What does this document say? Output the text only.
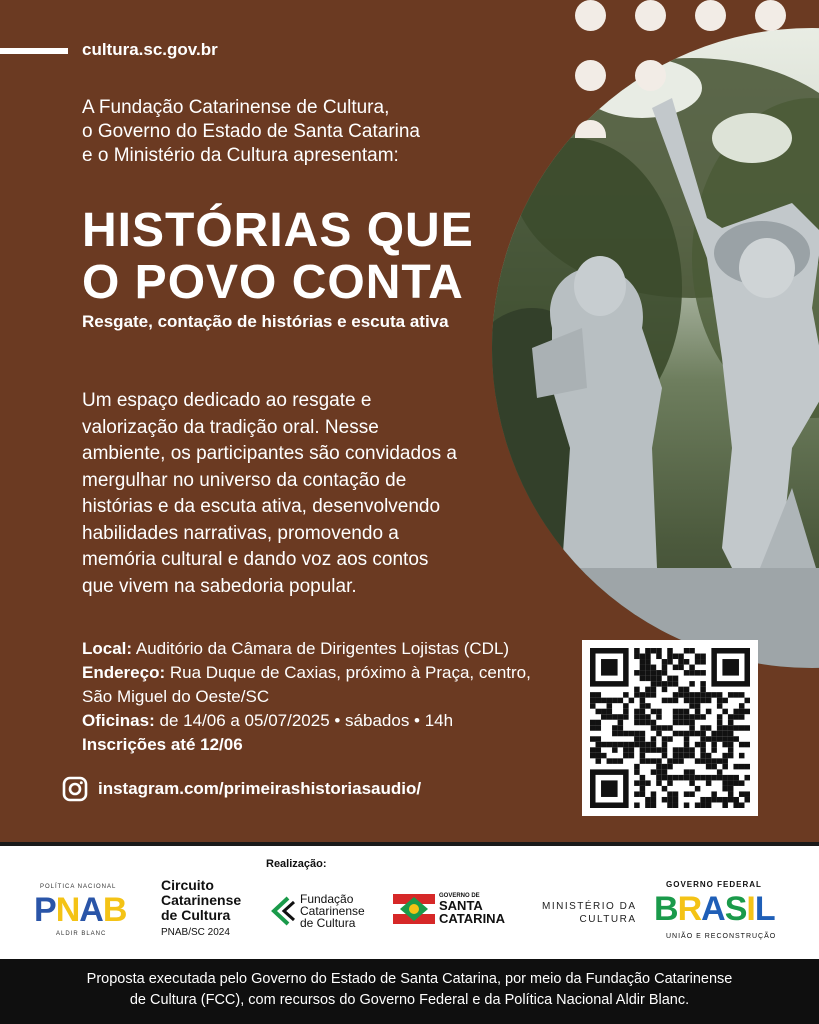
cultura.sc.gov.br
A Fundação Catarinense de Cultura,
o Governo do Estado de Santa Catarina
e o Ministério da Cultura apresentam:
HISTÓRIAS QUE
O POVO CONTA
Resgate, contação de histórias e escuta ativa
Um espaço dedicado ao resgate e
valorização da tradição oral. Nesse
ambiente, os participantes são convidados a
mergulhar no universo da contação de
histórias e da escuta ativa, desenvolvendo
habilidades narrativas, promovendo a
memória cultural e dando voz aos contos
que vivem na sabedoria popular.
Local: Auditório da Câmara de Dirigentes Lojistas (CDL)
Endereço: Rua Duque de Caxias, próximo à Praça, centro,
São Miguel do Oeste/SC
Oficinas: de 14/06 a 05/07/2025 • sábados • 14h
Inscrições até 12/06
instagram.com/primeirashistoriasaudio/
Realização:
POLÍTICA NACIONAL
PNAB
ALDIR BLANC
Circuito
Catarinense
de Cultura
PNAB/SC 2024
Fundação
Catarinense
de Cultura
GOVERNO DE
SANTA
CATARINA
MINISTÉRIO DA
CULTURA
GOVERNO FEDERAL
BRASIL
UNIÃO E RECONSTRUÇÃO
Proposta executada pelo Governo do Estado de Santa Catarina, por meio da Fundação Catarinense
de Cultura (FCC), com recursos do Governo Federal e da Política Nacional Aldir Blanc.
